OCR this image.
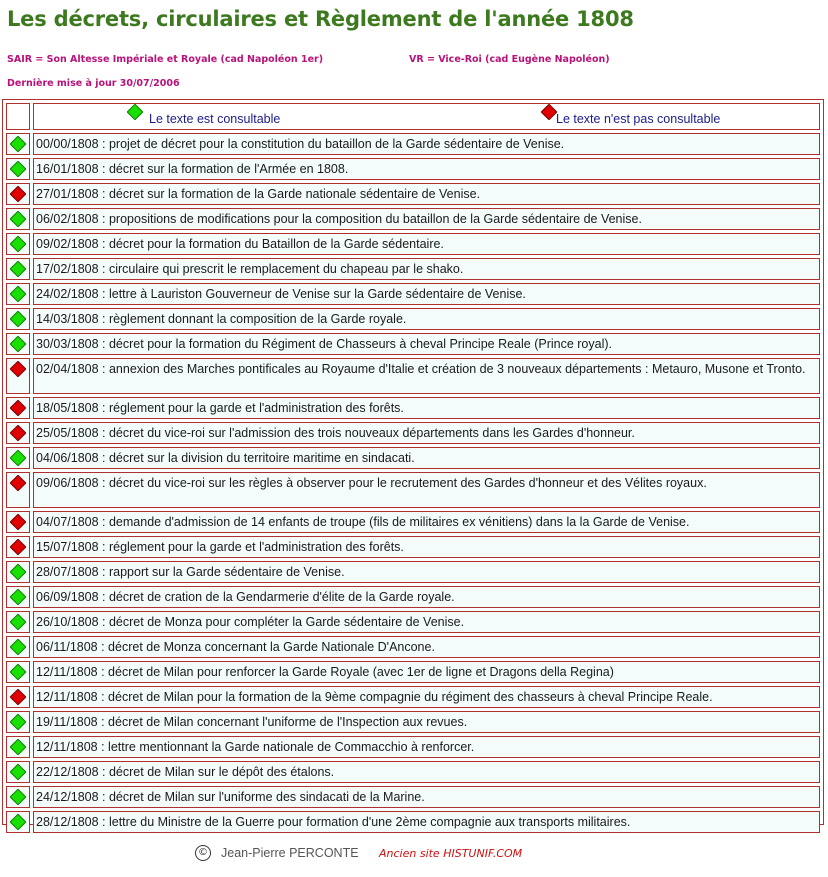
Les décrets, circulaires et Règlement de l'année 1808
SAIR = Son Altesse Impériale et Royale (cad Napoléon 1er)	VR = Vice-Roi (cad Eugène Napoléon)
Dernière mise à jour 30/07/2006
Le texte est consultable	Le texte n'est pas consultable
00/00/1808 : projet de décret pour la constitution du bataillon de la Garde sédentaire de Venise.
16/01/1808 : décret sur la formation de l'Armée en 1808.
27/01/1808 : décret sur la formation de la Garde nationale sédentaire de Venise.
06/02/1808 : propositions de modifications pour la composition du bataillon de la Garde sédentaire de Venise.
09/02/1808 : décret pour la formation du Bataillon de la Garde sédentaire.
17/02/1808 : circulaire qui prescrit le remplacement du chapeau par le shako.
24/02/1808 : lettre à Lauriston Gouverneur de Venise sur la Garde sédentaire de Venise.
14/03/1808 : règlement donnant la composition de la Garde royale.
30/03/1808 : décret pour la formation du Régiment de Chasseurs à cheval Principe Reale (Prince royal).
02/04/1808 : annexion des Marches pontificales au Royaume d'Italie et création de 3 nouveaux départements : Metauro, Musone et Tronto.
18/05/1808 : réglement pour la garde et l'administration des forêts.
25/05/1808 : décret du vice-roi sur l'admission des trois nouveaux départements dans les Gardes d'honneur.
04/06/1808 : décret sur la division du territoire maritime en sindacati.
09/06/1808 : décret du vice-roi sur les règles à observer pour le recrutement des Gardes d'honneur et des Vélites royaux.
04/07/1808 : demande d'admission de 14 enfants de troupe (fils de militaires ex vénitiens) dans la la Garde de Venise.
15/07/1808 : réglement pour la garde et l'administration des forêts.
28/07/1808 : rapport sur la Garde sédentaire de Venise.
06/09/1808 : décret de cration de la Gendarmerie d'élite de la Garde royale.
26/10/1808 : décret de Monza pour compléter la Garde sédentaire de Venise.
06/11/1808 : décret de Monza concernant la Garde Nationale D'Ancone.
12/11/1808 : décret de Milan pour renforcer la Garde Royale (avec 1er de ligne et Dragons della Regina)
12/11/1808 : décret de Milan pour la formation de la 9ème compagnie du régiment des chasseurs à cheval Principe Reale.
19/11/1808 : décret de Milan concernant l'uniforme de l'Inspection aux revues.
12/11/1808 : lettre mentionnant la Garde nationale de Commacchio à renforcer.
22/12/1808 : décret de Milan sur le dépôt des étalons.
24/12/1808 : décret de Milan sur l'uniforme des sindacati de la Marine.
28/12/1808 : lettre du Ministre de la Guerre pour formation d'une 2ème compagnie aux transports militaires.
© Jean-Pierre PERCONTE Ancien site HISTUNIF.COM
